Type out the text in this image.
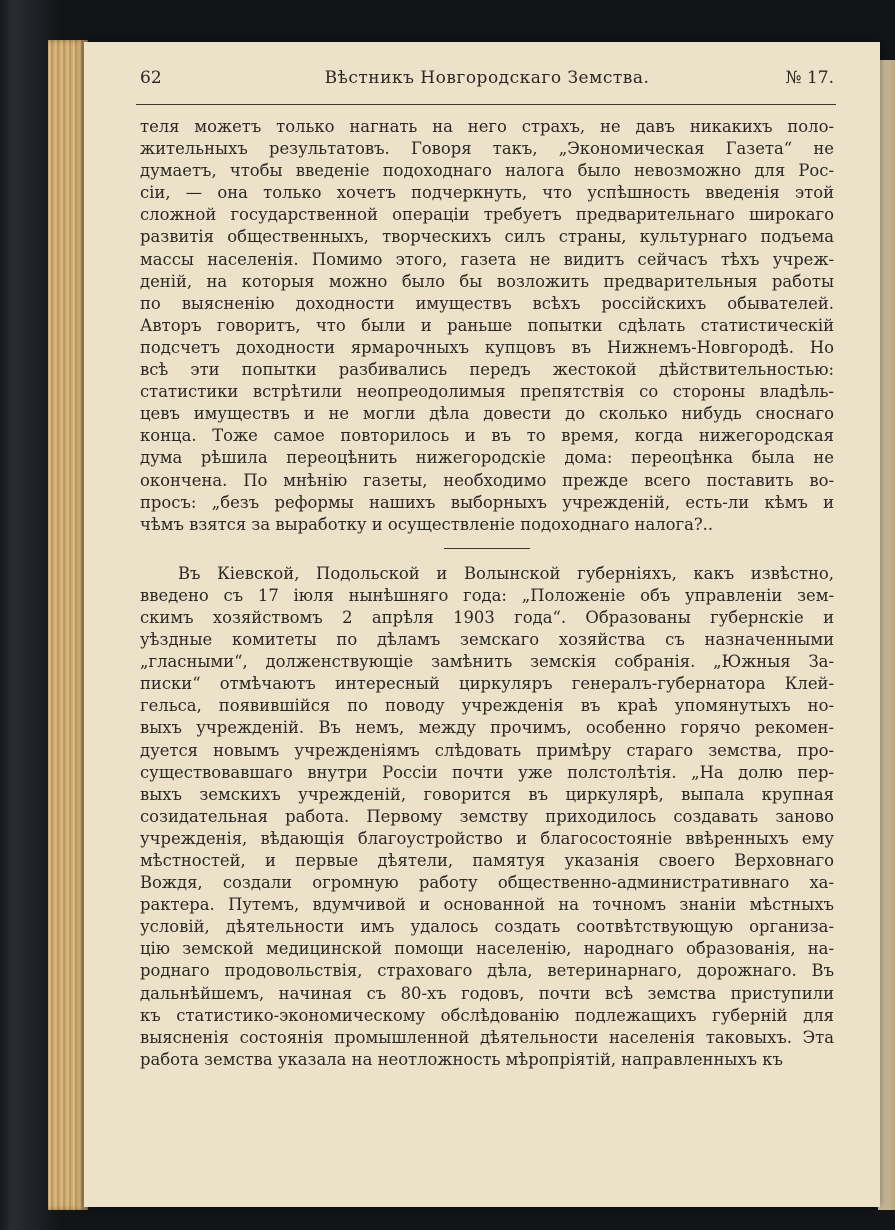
62	Вѣстникъ Новгородскаго Земства.	№ 17.
теля можетъ только нагнать на него страхъ, не давъ никакихъ поло-
жительныхъ результатовъ. Говоря такъ, „Экономическая Газета“ не
думаетъ, чтобы введеніе подоходнаго налога было невозможно для Рос-
сіи, — она только хочетъ подчеркнуть, что успѣшность введенія этой
сложной государственной операціи требуетъ предварительнаго широкаго
развитія общественныхъ, творческихъ силъ страны, культурнаго подъема
массы населенія. Помимо этого, газета не видитъ сейчасъ тѣхъ учреж-
деній, на которыя можно было бы возложить предварительныя работы
по выясненію доходности имуществъ всѣхъ россійскихъ обывателей.
Авторъ говоритъ, что были и раньше попытки сдѣлать статистическій
подсчетъ доходности ярмарочныхъ купцовъ въ Нижнемъ-Новгородѣ. Но
всѣ эти попытки разбивались передъ жестокой дѣйствительностью:
статистики встрѣтили неопреодолимыя препятствія со стороны владѣль-
цевъ имуществъ и не могли дѣла довести до сколько нибудь сноснаго
конца. Тоже самое повторилось и въ то время, когда нижегородская
дума рѣшила переоцѣнить нижегородскіе дома: переоцѣнка была не
окончена. По мнѣнію газеты, необходимо прежде всего поставить во-
просъ: „безъ реформы нашихъ выборныхъ учрежденій, есть-ли кѣмъ и
чѣмъ взятся за выработку и осуществленіе подоходнаго налога?..
Въ Кіевской, Подольской и Волынской губерніяхъ, какъ извѣстно,
введено съ 17 іюля нынѣшняго года: „Положеніе объ управленіи зем-
скимъ хозяйствомъ 2 апрѣля 1903 года“. Образованы губернскіе и
уѣздные комитеты по дѣламъ земскаго хозяйства съ назначенными
„гласными“, долженствующіе замѣнить земскія собранія. „Южныя За-
писки“ отмѣчаютъ интересный циркуляръ генералъ-губернатора Клей-
гельса, появившійся по поводу учрежденія въ краѣ упомянутыхъ но-
выхъ учрежденій. Въ немъ, между прочимъ, особенно горячо рекомен-
дуется новымъ учрежденіямъ слѣдовать примѣру стараго земства, про-
существовавшаго внутри Россіи почти уже полстолѣтія. „На долю пер-
выхъ земскихъ учрежденій, говорится въ циркулярѣ, выпала крупная
созидательная работа. Первому земству приходилось создавать заново
учрежденія, вѣдающія благоустройство и благосостояніе ввѣренныхъ ему
мѣстностей, и первые дѣятели, памятуя указанія своего Верховнаго
Вождя, создали огромную работу общественно-административнаго ха-
рактера. Путемъ, вдумчивой и основанной на точномъ знаніи мѣстныхъ
условій, дѣятельности имъ удалось создать соотвѣтствующую организа-
цію земской медицинской помощи населенію, народнаго образованія, на-
роднаго продовольствія, страховаго дѣла, ветеринарнаго, дорожнаго. Въ
дальнѣйшемъ, начиная съ 80-хъ годовъ, почти всѣ земства приступили
къ статистико-экономическому обслѣдованію подлежащихъ губерній для
выясненія состоянія промышленной дѣятельности населенія таковыхъ. Эта
работа земства указала на неотложность мѣропріятій, направленныхъ къ
